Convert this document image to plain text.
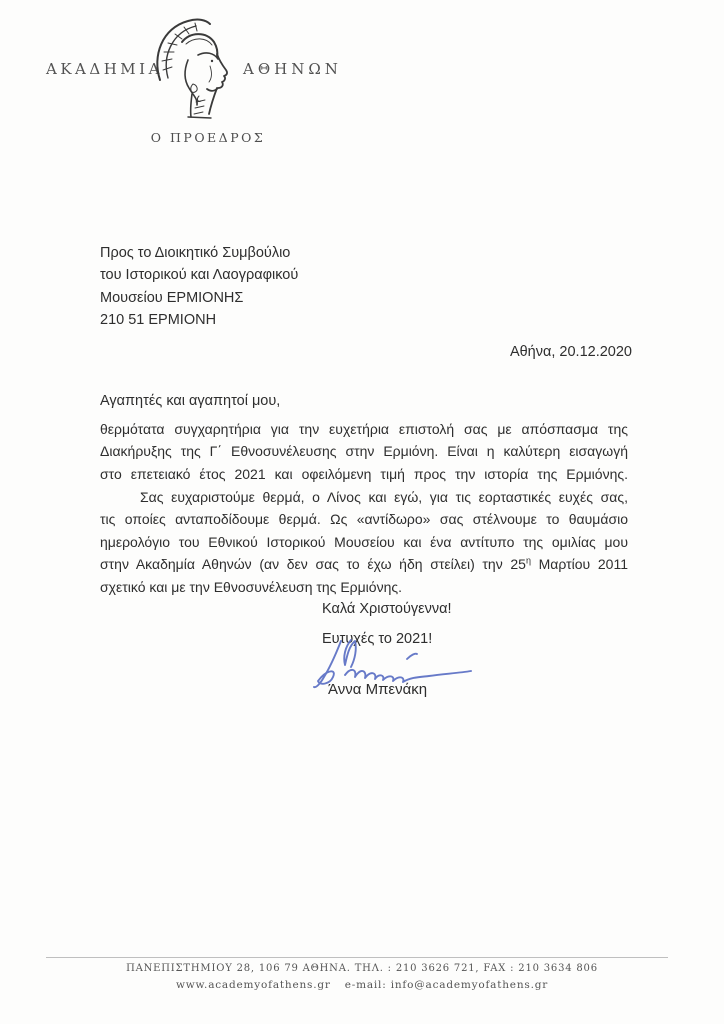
ΑΚΑΔΗΜΙΑ	ΑΘΗΝΩΝ
Ο ΠΡΟΕΔΡΟΣ
Προς το Διοικητικό Συμβούλιο
του Ιστορικού και Λαογραφικού
Μουσείου ΕΡΜΙΟΝΗΣ
210 51 ΕΡΜΙΟΝΗ
Αθήνα, 20.12.2020
Αγαπητές και αγαπητοί μου,
θερμότατα συγχαρητήρια για την ευχετήρια επιστολή σας με απόσπασμα της
Διακήρυξης της Γ΄ Εθνοσυνέλευσης στην Ερμιόνη. Είναι η καλύτερη εισαγωγή
στο επετειακό έτος 2021 και οφειλόμενη τιμή προς την ιστορία της Ερμιόνης.
Σας ευχαριστούμε θερμά, ο Λίνος και εγώ, για τις εορταστικές ευχές σας,
τις οποίες ανταποδίδουμε θερμά. Ως «αντίδωρο» σας στέλνουμε το θαυμάσιο
ημερολόγιο του Εθνικού Ιστορικού Μουσείου και ένα αντίτυπο της ομιλίας μου
στην Ακαδημία Αθηνών (αν δεν σας το έχω ήδη στείλει) την $25^\eta$ Μαρτίου 2011
σχετικό και με την Εθνοσυνέλευση της Ερμιόνης.
Καλά Χριστούγεννα!
Ευτυχές το 2021!
Άννα Μπενάκη
ΠΑΝΕΠΙΣΤΗΜΙΟΥ 28, 106 79 ΑΘΗΝΑ. ΤΗΛ. : 210 3626 721, FAX : 210 3634 806
www.academyofathens.gr e-mail: info@academyofathens.gr
